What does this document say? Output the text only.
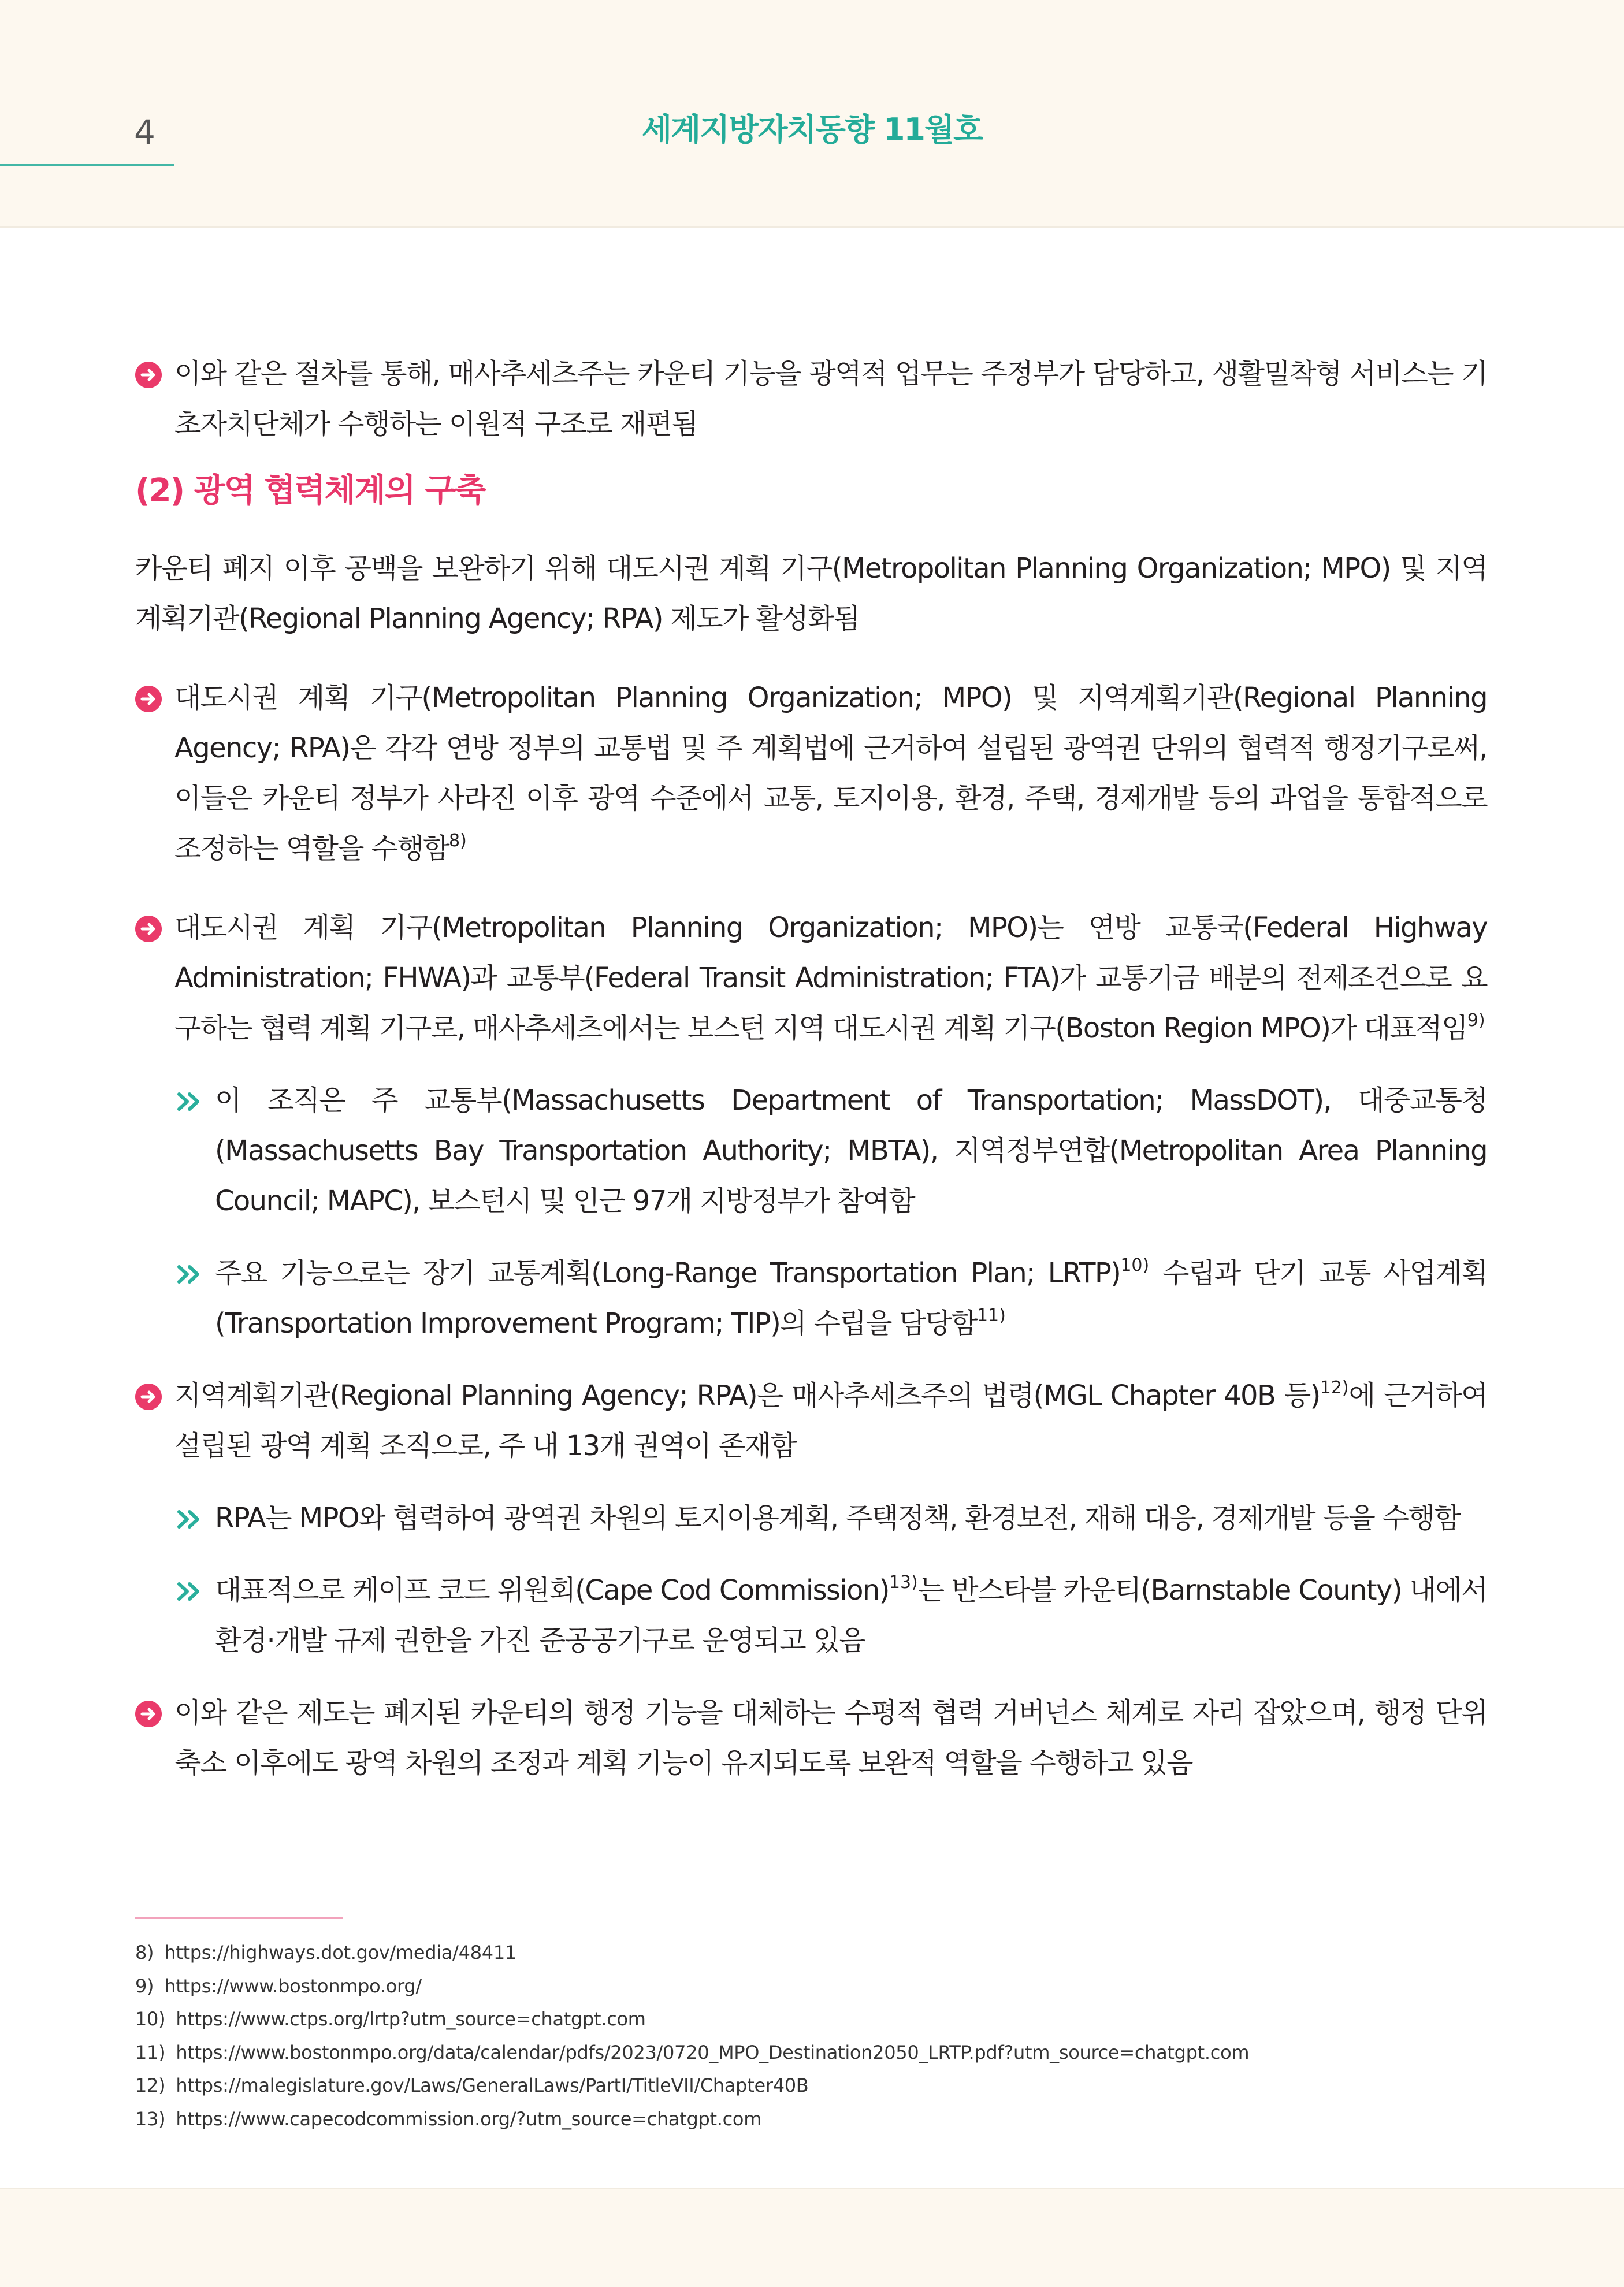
4	세계지방자치동향 11월호

이와 같은 절차를 통해, 매사추세츠주는 카운티 기능을 광역적 업무는 주정부가 담당하고, 생활밀착형 서비스는 기초자치단체가 수행하는 이원적 구조로 재편됨

(2) 광역 협력체계의 구축

카운티 폐지 이후 공백을 보완하기 위해 대도시권 계획 기구(Metropolitan Planning Organization; MPO) 및 지역계획기관(Regional Planning Agency; RPA) 제도가 활성화됨

대도시권 계획 기구(Metropolitan Planning Organization; MPO) 및 지역계획기관(Regional Planning Agency; RPA)은 각각 연방 정부의 교통법 및 주 계획법에 근거하여 설립된 광역권 단위의 협력적 행정기구로써, 이들은 카운티 정부가 사라진 이후 광역 수준에서 교통, 토지이용, 환경, 주택, 경제개발 등의 과업을 통합적으로 조정하는 역할을 수행함$^{8)}$

대도시권 계획 기구(Metropolitan Planning Organization; MPO)는 연방 교통국(Federal Highway Administration; FHWA)과 교통부(Federal Transit Administration; FTA)가 교통기금 배분의 전제조건으로 요구하는 협력 계획 기구로, 매사추세츠에서는 보스턴 지역 대도시권 계획 기구(Boston Region MPO)가 대표적임$^{9)}$

이 조직은 주 교통부(Massachusetts Department of Transportation; MassDOT), 대중교통청(Massachusetts Bay Transportation Authority; MBTA), 지역정부연합(Metropolitan Area Planning Council; MAPC), 보스턴시 및 인근 97개 지방정부가 참여함

주요 기능으로는 장기 교통계획(Long-Range Transportation Plan; LRTP)$^{10)}$ 수립과 단기 교통 사업계획(Transportation Improvement Program; TIP)의 수립을 담당함$^{11)}$

지역계획기관(Regional Planning Agency; RPA)은 매사추세츠주의 법령(MGL Chapter 40B 등)$^{12)}$에 근거하여 설립된 광역 계획 조직으로, 주 내 13개 권역이 존재함

RPA는 MPO와 협력하여 광역권 차원의 토지이용계획, 주택정책, 환경보전, 재해 대응, 경제개발 등을 수행함

대표적으로 케이프 코드 위원회(Cape Cod Commission)$^{13)}$는 반스타블 카운티(Barnstable County) 내에서 환경·개발 규제 권한을 가진 준공공기구로 운영되고 있음

이와 같은 제도는 폐지된 카운티의 행정 기능을 대체하는 수평적 협력 거버넌스 체계로 자리 잡았으며, 행정 단위 축소 이후에도 광역 차원의 조정과 계획 기능이 유지되도록 보완적 역할을 수행하고 있음

8) https://highways.dot.gov/media/48411
9) https://www.bostonmpo.org/
10) https://www.ctps.org/lrtp?utm_source=chatgpt.com
11) https://www.bostonmpo.org/data/calendar/pdfs/2023/0720_MPO_Destination2050_LRTP.pdf?utm_source=chatgpt.com
12) https://malegislature.gov/Laws/GeneralLaws/PartI/TitleVII/Chapter40B
13) https://www.capecodcommission.org/?utm_source=chatgpt.com
